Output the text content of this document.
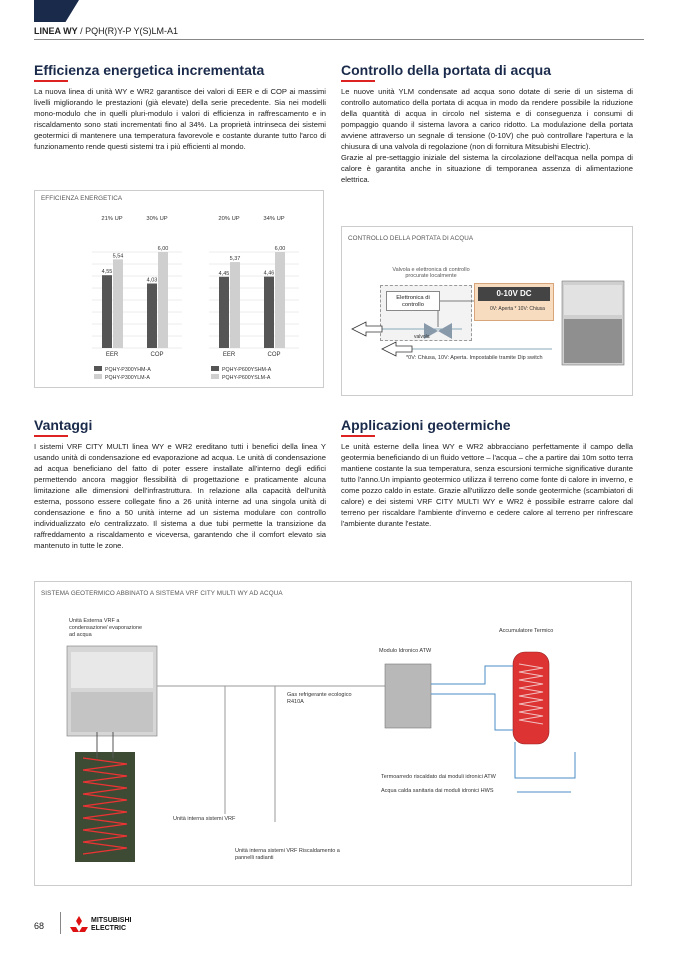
LINEA WY / PQH(R)Y-P Y(S)LM-A1
Efficienza energetica incrementata
La nuova linea di unità WY e WR2 garantisce dei valori di EER e di COP ai massimi livelli migliorando le prestazioni (già elevate) della serie precedente. Sia nei modelli mono-modulo che in quelli pluri-modulo i valori di efficienza in raffrescamento e in riscaldamento sono stati incrementati fino al 34%. La proprietà intrinseca dei sistemi geotermici di mantenere una temperatura favorevole e costante durante tutto l'arco di funzionamento rende questi sistemi tra i più efficienti al mondo.
EFFICIENZA ENERGETICA
4,55
5,54
EER
21% UP
4,03
6,00
COP
30% UP
PQHY-P300YHM-A
PQHY-P300YLM-A
4,45
5,37
EER
20% UP
4,46
6,00
COP
34% UP
PQHY-P600YSHM-A
PQHY-P600YSLM-A
Controllo della portata di acqua
Le nuove unità YLM condensate ad acqua sono dotate di serie di un sistema di controllo automatico della portata di acqua in modo da rendere possibile la riduzione della quantità di acqua in circolo nel sistema e di conseguenza i consumi di pompaggio quando il sistema lavora a carico ridotto. La modulazione della portata avviene attraverso un segnale di tensione (0-10V) che può controllare l'apertura e la chiusura di una valvola di regolazione (non di fornitura Mitsubishi Electric).
Grazie al pre-settaggio iniziale del sistema la circolazione dell'acqua nella pompa di calore è garantita anche in situazione di temporanea assenza di alimentazione elettrica.
CONTROLLO DELLA PORTATA DI ACQUA
Valvola e elettronica di controllo procurate localmente
Elettronica di controllo
0-10V DC
0V: Aperta * 10V: Chiusa
valvola
*0V: Chiusa, 10V: Aperta. Impostabile tramite Dip switch
Vantaggi
I sistemi VRF CITY MULTI linea WY e WR2 ereditano tutti i benefici della linea Y usando unità di condensazione ed evaporazione ad acqua. Le unità di condensazione ad acqua beneficiano del fatto di poter essere installate all'interno degli edifici permettendo ancora maggior flessibilità di progettazione e praticamente alcuna limitazione alle dimensioni dell'infrastruttura. In relazione alla capacità dell'unità esterna, possono essere collegate fino a 26 unità interne ad una singola unità di condensazione e fino a 50 unità interne ad un sistema modulare con controllo individualizzato e/o centralizzato. Il sistema a due tubi permette la transizione da raffreddamento a riscaldamento e viceversa, garantendo che il comfort elevato sia mantenuto in tutte le zone.
Applicazioni geotermiche
Le unità esterne della linea WY e WR2 abbracciano perfettamente il campo della geotermia beneficiando di un fluido vettore – l'acqua – che a partire dai 10m sotto terra mantiene costante la sua temperatura, senza escursioni termiche significative durante tutto l'anno.Un impianto geotermico utilizza il terreno come fonte di calore in inverno, e come pozzo caldo in estate. Grazie all'utilizzo delle sonde geotermiche (scambiatori di calore) e dei sistemi VRF CITY MULTI WY e WR2 è possibile estrarre calore dal terreno per riscaldare l'ambiente d'inverno e cedere calore al terreno per rinfrescare l'ambiente durante l'estate.
SISTEMA GEOTERMICO ABBINATO A SISTEMA VRF CITY MULTI WY AD ACQUA
Unità Esterna VRF a condensazione/ evaporazione ad acqua
Gas refrigerante ecologico R410A
Modulo Idronico ATW
Accumulatore Termico
Termoarredo riscaldato dai moduli idronici ATW
Acqua calda sanitaria dai moduli idronici HWS
Unità interna sistemi VRF
Unità interna sistemi VRF Riscaldamento a pannelli radianti
68
MITSUBISHI
ELECTRIC
